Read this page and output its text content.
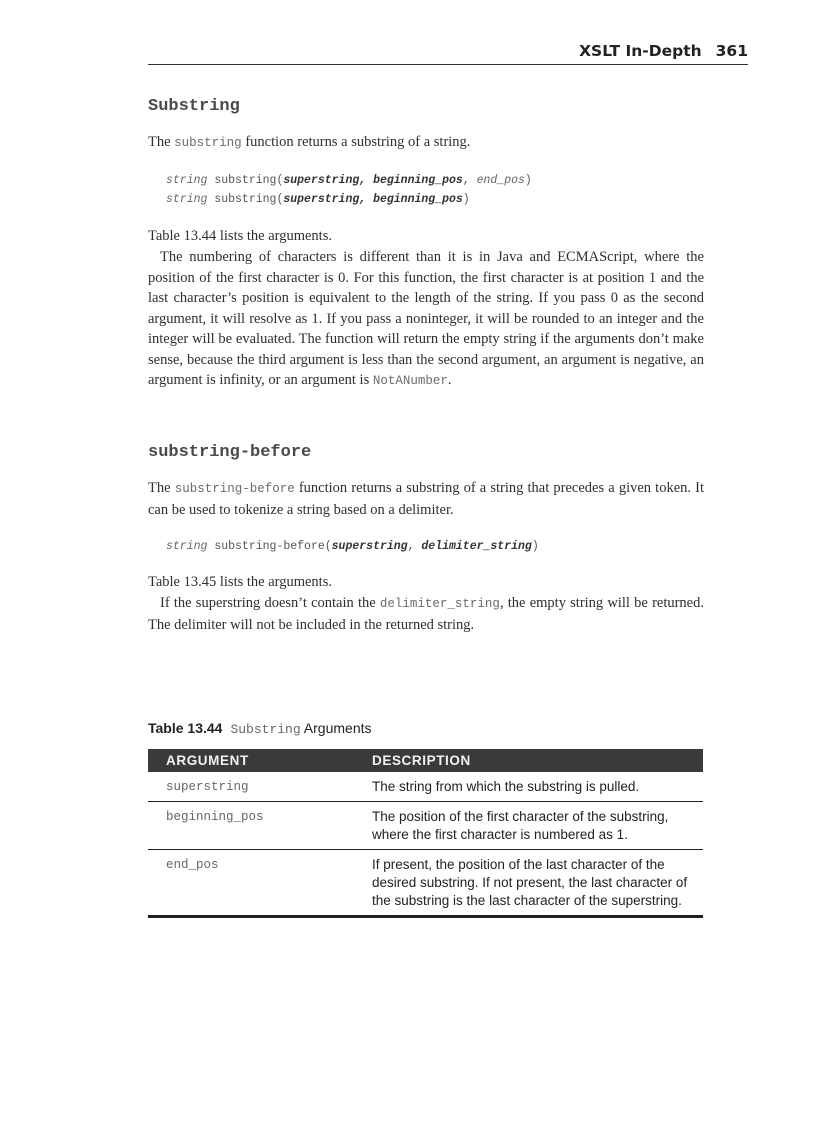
XSLT In-Depth 361
Substring

The substring function returns a substring of a string.

string substring(superstring, beginning_pos, end_pos)
string substring(superstring, beginning_pos)

Table 13.44 lists the arguments.

The numbering of characters is different than it is in Java and ECMAScript, where the position of the first character is 0. For this function, the first character is at position 1 and the last character’s position is equivalent to the length of the string. If you pass 0 as the second argument, it will resolve as 1. If you pass a noninteger, it will be rounded to an integer and the integer will be evaluated. The function will return the empty string if the arguments don’t make sense, because the third argument is less than the second argument, an argument is negative, an argument is infinity, or an argument is NotANumber.

substring-before

The substring-before function returns a substring of a string that precedes a given token. It can be used to tokenize a string based on a delimiter.

string substring-before(superstring, delimiter_string)

Table 13.45 lists the arguments.

If the superstring doesn’t contain the delimiter_string, the empty string will be returned. The delimiter will not be included in the returned string.

Table 13.44 Substring Arguments
ARGUMENT	DESCRIPTION
superstring	The string from which the substring is pulled.
beginning_pos	The position of the first character of the substring, where the first character is numbered as 1.
end_pos	If present, the position of the last character of the desired substring. If not present, the last character of the substring is the last character of the superstring.
